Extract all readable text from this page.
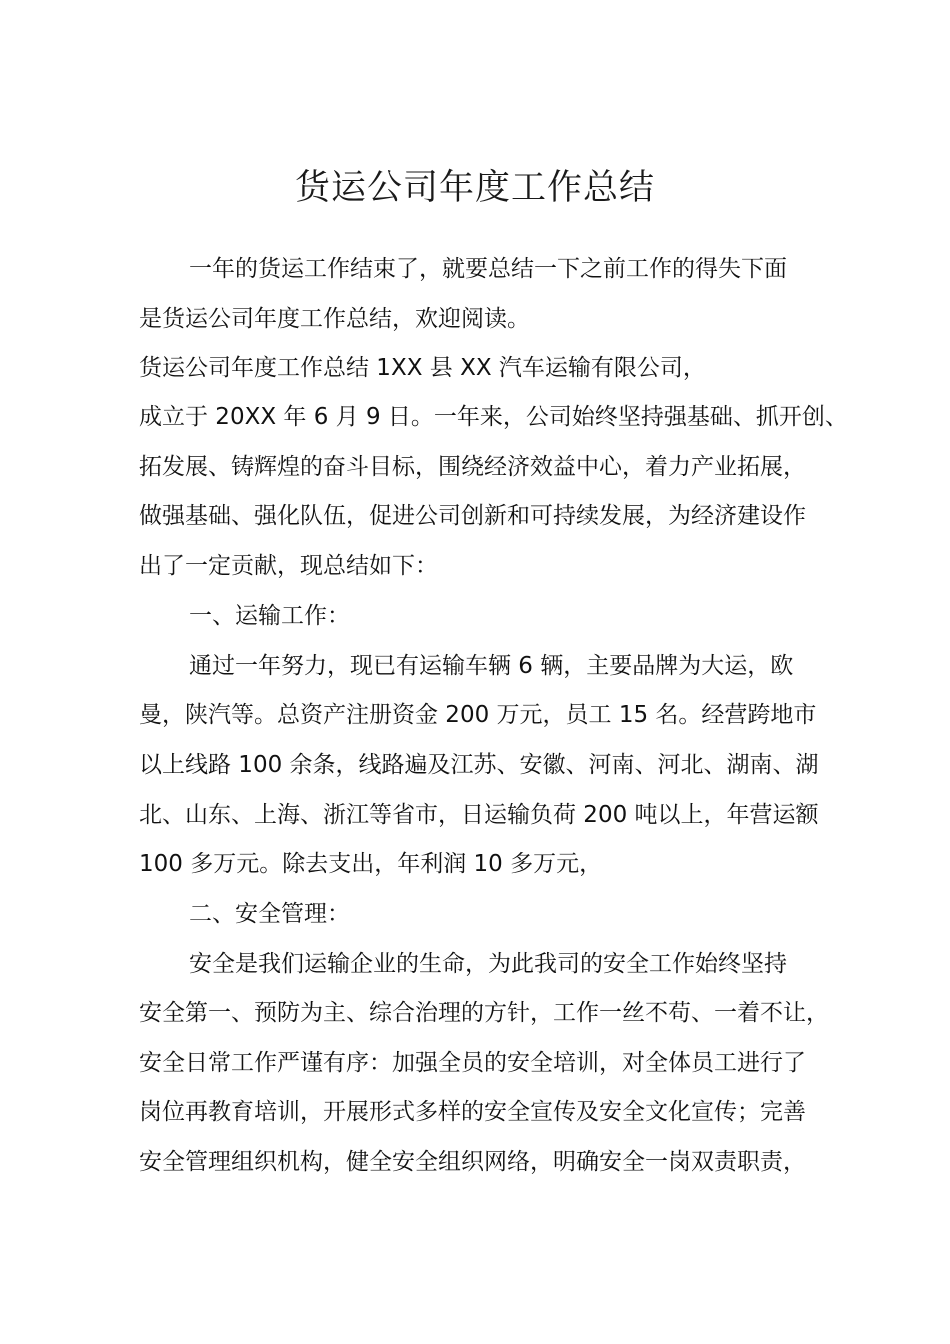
货运公司年度工作总结
一年的货运工作结束了，就要总结一下之前工作的得失下面
是货运公司年度工作总结，欢迎阅读。
货运公司年度工作总结 1XX 县 XX 汽车运输有限公司，
成立于 20XX 年 6 月 9 日。一年来，公司始终坚持强基础、抓开创、
拓发展、铸辉煌的奋斗目标，围绕经济效益中心，着力产业拓展，
做强基础、强化队伍，促进公司创新和可持续发展，为经济建设作
出了一定贡献，现总结如下：
一、运输工作：
通过一年努力，现已有运输车辆 6 辆，主要品牌为大运，欧
曼，陕汽等。总资产注册资金 200 万元，员工 15 名。经营跨地市
以上线路 100 余条，线路遍及江苏、安徽、河南、河北、湖南、湖
北、山东、上海、浙江等省市，日运输负荷 200 吨以上，年营运额
100 多万元。除去支出，年利润 10 多万元，
二、安全管理：
安全是我们运输企业的生命，为此我司的安全工作始终坚持
安全第一、预防为主、综合治理的方针，工作一丝不苟、一着不让，
安全日常工作严谨有序：加强全员的安全培训，对全体员工进行了
岗位再教育培训，开展形式多样的安全宣传及安全文化宣传；完善
安全管理组织机构，健全安全组织网络，明确安全一岗双责职责，
